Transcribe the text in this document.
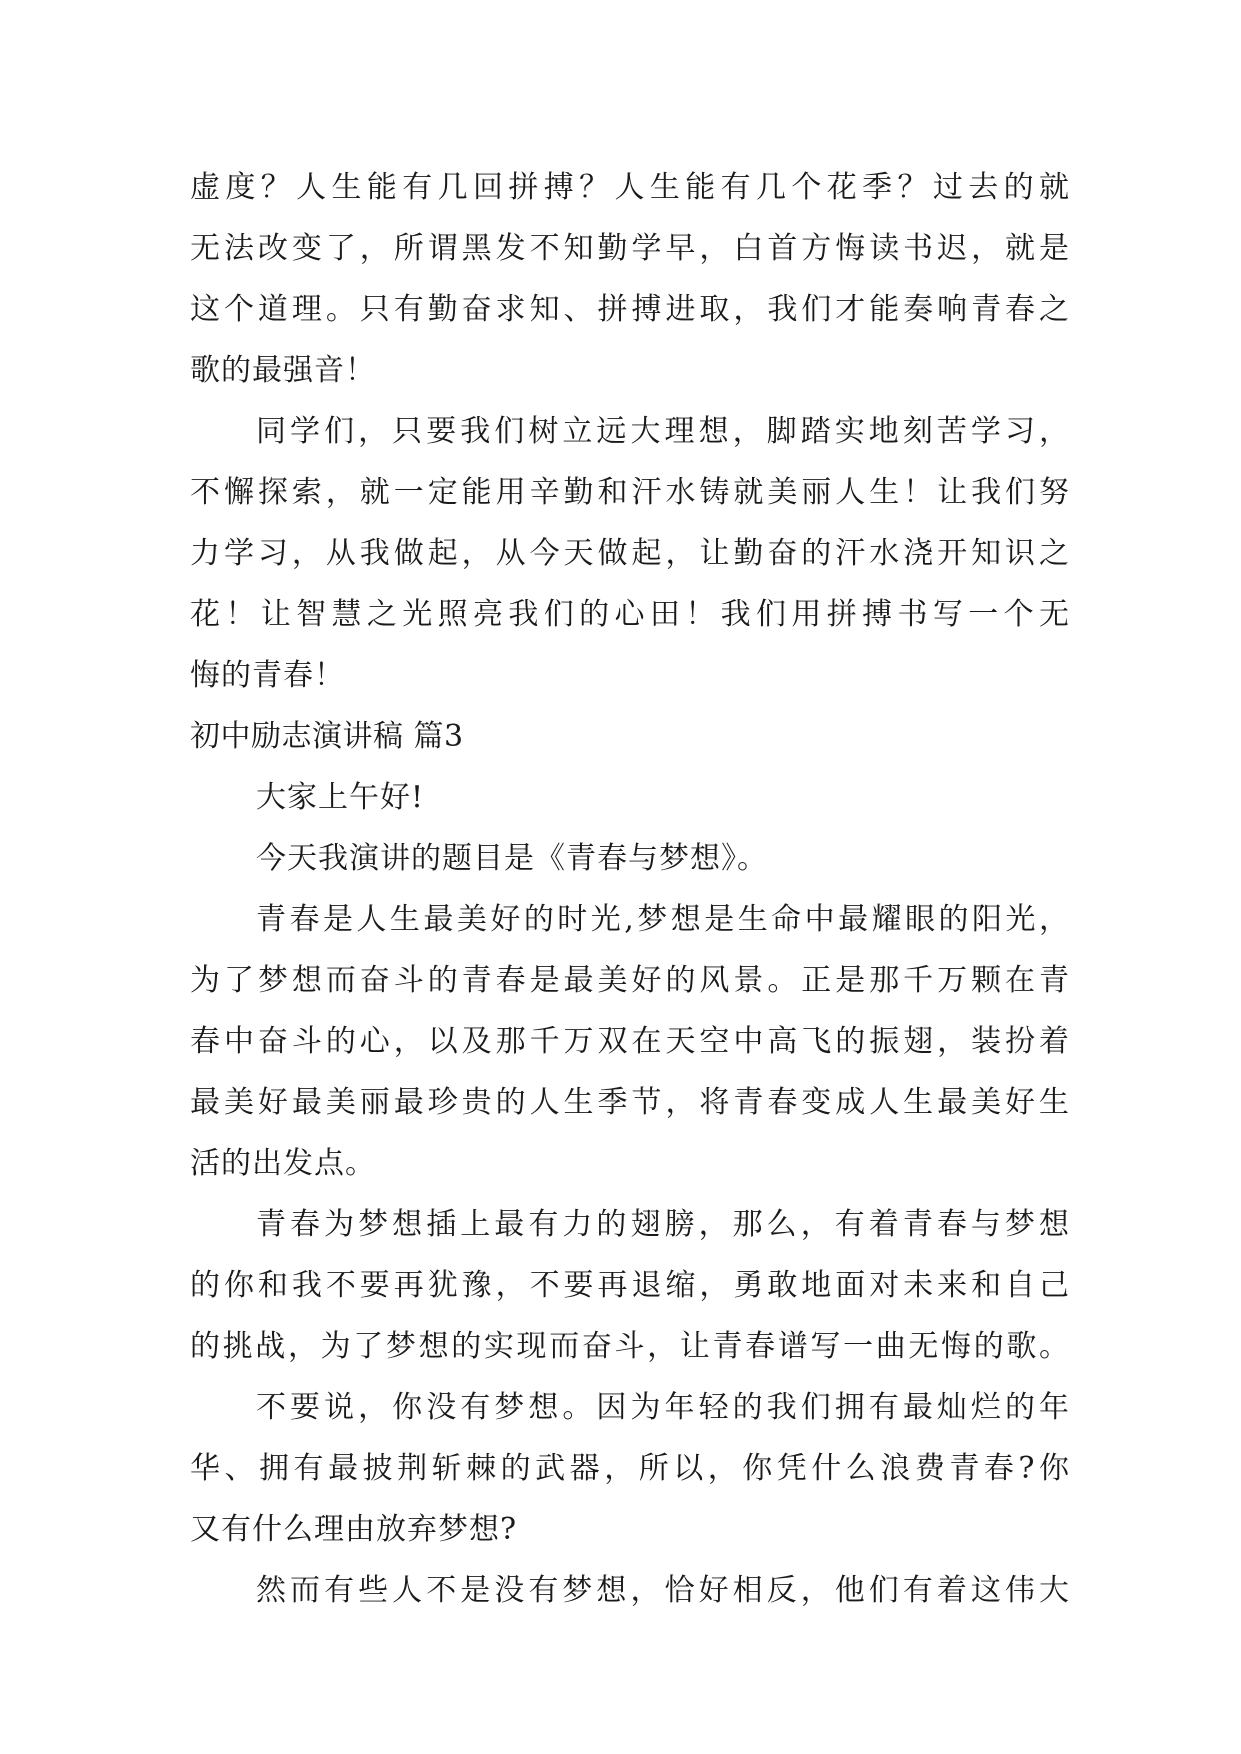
虚度？人生能有几回拼搏？人生能有几个花季？过去的就
无法改变了，所谓黑发不知勤学早，白首方悔读书迟，就是
这个道理。只有勤奋求知、拼搏进取，我们才能奏响青春之
歌的最强音！
同学们，只要我们树立远大理想，脚踏实地刻苦学习，
不懈探索，就一定能用辛勤和汗水铸就美丽人生！让我们努
力学习，从我做起，从今天做起，让勤奋的汗水浇开知识之
花！让智慧之光照亮我们的心田！我们用拼搏书写一个无
悔的青春！
初中励志演讲稿 篇3
大家上午好!
今天我演讲的题目是《青春与梦想》。
青春是人生最美好的时光,梦想是生命中最耀眼的阳光，
为了梦想而奋斗的青春是最美好的风景。正是那千万颗在青
春中奋斗的心，以及那千万双在天空中高飞的振翅，装扮着
最美好最美丽最珍贵的人生季节，将青春变成人生最美好生
活的出发点。
青春为梦想插上最有力的翅膀，那么，有着青春与梦想
的你和我不要再犹豫，不要再退缩，勇敢地面对未来和自己
的挑战，为了梦想的实现而奋斗，让青春谱写一曲无悔的歌。
不要说，你没有梦想。因为年轻的我们拥有最灿烂的年
华、拥有最披荆斩棘的武器，所以，你凭什么浪费青春?你
又有什么理由放弃梦想?
然而有些人不是没有梦想，恰好相反，他们有着这伟大
